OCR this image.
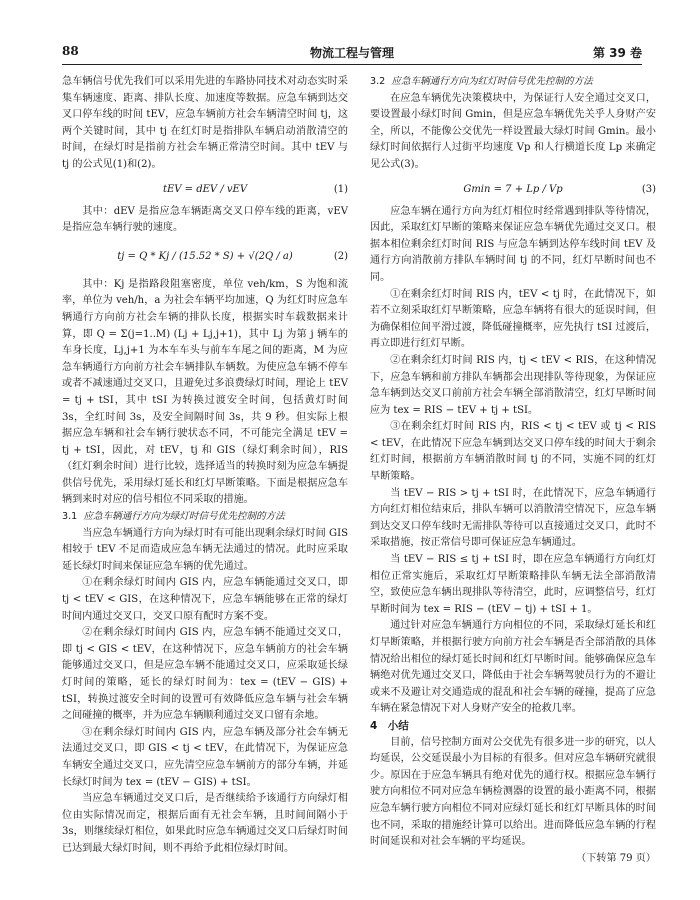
88	物流工程与管理	第 39 卷

急车辆信号优先我们可以采用先进的车路协同技术对动态实时采集车辆速度、距离、排队长度、加速度等数据。应急车辆到达交叉口停车线的时间 tEV，应急车辆前方社会车辆清空时间 tj，这两个关键时间，其中 tj 在红灯时是指排队车辆启动消散清空的时间，在绿灯时是指前方社会车辆正常清空时间。其中 tEV 与 tj 的公式见(1)和(2)。

tEV = dEV / vEV	(1)

其中：dEV 是指应急车辆距离交叉口停车线的距离，vEV 是指应急车辆行驶的速度。

tj = Q * Kj / (15.52 * S) + √(2Q / a)	(2)

其中：Kj 是指路段阻塞密度，单位 veh/km，S 为饱和流率，单位为 veh/h，a 为社会车辆平均加速，Q 为红灯时应急车辆通行方向前方社会车辆的排队长度，根据实时车载数据来计算，即 Q = Σ(j=1..M) (Lj + Lj,j+1)，其中 Lj 为第 j 辆车的车身长度，Lj,j+1 为本车车头与前车车尾之间的距离，M 为应急车辆通行方向前方社会车辆排队车辆数。为使应急车辆不停车或者不减速通过交叉口，且避免过多浪费绿灯时间，理论上 tEV = tj + tSI，其中 tSI 为转换过渡安全时间，包括黄灯时间 3s，全红时间 3s，及安全间隔时间 3s，共 9 秒。但实际上根据应急车辆和社会车辆行驶状态不同，不可能完全满足 tEV = tj + tSI，因此，对 tEV，tj 和 GIS（绿灯剩余时间），RIS（红灯剩余时间）进行比较，选择适当的转换时刻为应急车辆提供信号优先，采用绿灯延长和红灯早断策略。下面是根据应急车辆到来时对应的信号相位不同采取的措施。

3.1 应急车辆通行方向为绿灯时信号优先控制的方法

当应急车辆通行方向为绿灯时有可能出现剩余绿灯时间 GIS 相较于 tEV 不足而造成应急车辆无法通过的情况。此时应采取延长绿灯时间来保证应急车辆的优先通过。

①在剩余绿灯时间内 GIS 内，应急车辆能通过交叉口，即 tj < tEV < GIS，在这种情况下，应急车辆能够在正常的绿灯时间内通过交叉口，交叉口原有配时方案不变。

②在剩余绿灯时间内 GIS 内，应急车辆不能通过交叉口，即 tj < GIS < tEV，在这种情况下，应急车辆前方的社会车辆能够通过交叉口，但是应急车辆不能通过交叉口，应采取延长绿灯时间的策略，延长的绿灯时间为：tex = (tEV − GIS) + tSI，转换过渡安全时间的设置可有效降低应急车辆与社会车辆之间碰撞的概率，并为应急车辆顺利通过交叉口留有余地。

③在剩余绿灯时间内 GIS 内，应急车辆及部分社会车辆无法通过交叉口，即 GIS < tj < tEV，在此情况下，为保证应急车辆安全通过交叉口，应先清空应急车辆前方的部分车辆，并延长绿灯时间为 tex = (tEV − GIS) + tSI。

当应急车辆通过交叉口后，是否继续给予该通行方向绿灯相位由实际情况而定，根据后面有无社会车辆，且时间间隔小于 3s，则继续绿灯相位，如果此时应急车辆通过交叉口后绿灯时间已达到最大绿灯时间，则不再给予此相位绿灯时间。

3.2 应急车辆通行方向为红灯时信号优先控制的方法

在应急车辆优先决策模块中，为保证行人安全通过交叉口，要设置最小绿灯时间 Gmin，但是应急车辆优先关乎人身财产安全，所以，不能像公交优先一样设置最大绿灯时间 Gmin。最小绿灯时间依据行人过街平均速度 Vp 和人行横道长度 Lp 来确定见公式(3)。

Gmin = 7 + Lp / Vp	(3)

应急车辆在通行方向为红灯相位时经常遇到排队等待情况，因此，采取红灯早断的策略来保证应急车辆优先通过交叉口。根据本相位剩余红灯时间 RIS 与应急车辆到达停车线时间 tEV 及通行方向消散前方排队车辆时间 tj 的不同，红灯早断时间也不同。

①在剩余红灯时间 RIS 内，tEV < tj 时，在此情况下，如若不立刻采取红灯早断策略，应急车辆将有很大的延误时间，但为确保相位间平滑过渡，降低碰撞概率，应先执行 tSI 过渡后，再立即进行红灯早断。

②在剩余红灯时间 RIS 内，tj < tEV < RIS，在这种情况下，应急车辆和前方排队车辆都会出现排队等待现象，为保证应急车辆到达交叉口前前方社会车辆全部消散清空，红灯早断时间应为 tex = RIS − tEV + tj + tSI。

③在剩余红灯时间 RIS 内，RIS < tj < tEV 或 tj < RIS < tEV，在此情况下应急车辆到达交叉口停车线的时间大于剩余红灯时间，根据前方车辆消散时间 tj 的不同，实施不同的红灯早断策略。

当 tEV − RIS > tj + tSI 时，在此情况下，应急车辆通行方向红灯相位结束后，排队车辆可以消散清空情况下，应急车辆到达交叉口停车线时无需排队等待可以直接通过交叉口，此时不采取措施，按正常信号即可保证应急车辆通过。

当 tEV − RIS ≤ tj + tSI 时，即在应急车辆通行方向红灯相位正常实施后，采取红灯早断策略排队车辆无法全部消散清空，致使应急车辆出现排队等待清空，此时，应调整信号，红灯早断时间为 tex = RIS − (tEV − tj) + tSI + 1。

通过针对应急车辆通行方向相位的不同，采取绿灯延长和红灯早断策略，并根据行驶方向前方社会车辆是否全部消散的具体情况给出相位的绿灯延长时间和红灯早断时间。能够确保应急车辆绝对优先通过交叉口，降低由于社会车辆驾驶员行为的不避让或来不及避让对交通造成的混乱和社会车辆的碰撞，提高了应急车辆在紧急情况下对人身财产安全的抢救几率。

4　小结

目前，信号控制方面对公交优先有很多进一步的研究，以人均延误，公交延误最小为目标的有很多。但对应急车辆研究就很少。原因在于应急车辆具有绝对优先的通行权。根据应急车辆行驶方向相位不同对应急车辆检测器的设置的最小距离不同，根据应急车辆行驶方向相位不同对应绿灯延长和红灯早断具体的时间也不同，采取的措施经计算可以给出。进而降低应急车辆的行程时间延误和对社会车辆的平均延误。

（下转第 79 页）
